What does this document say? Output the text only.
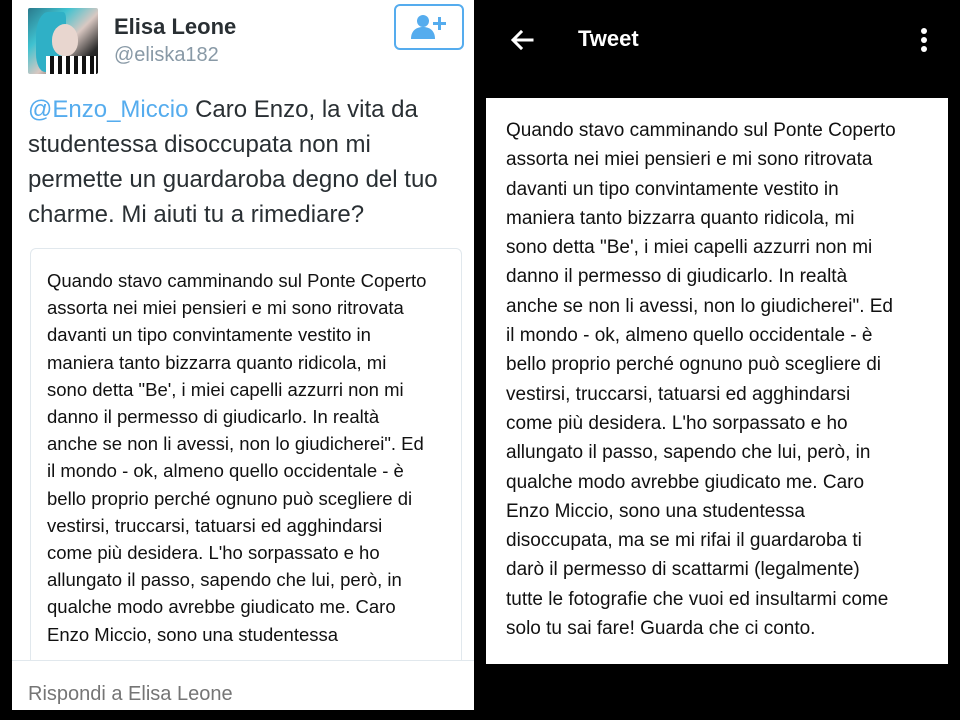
Elisa Leone
@eliska182
@Enzo_Miccio Caro Enzo, la vita da studentessa disoccupata non mi permette un guardaroba degno del tuo charme. Mi aiuti tu a rimediare?
Quando stavo camminando sul Ponte Coperto
assorta nei miei pensieri e mi sono ritrovata
davanti un tipo convintamente vestito in
maniera tanto bizzarra quanto ridicola, mi
sono detta "Be', i miei capelli azzurri non mi
danno il permesso di giudicarlo. In realtà
anche se non li avessi, non lo giudicherei". Ed
il mondo - ok, almeno quello occidentale - è
bello proprio perché ognuno può scegliere di
vestirsi, truccarsi, tatuarsi ed agghindarsi
come più desidera. L'ho sorpassato e ho
allungato il passo, sapendo che lui, però, in
qualche modo avrebbe giudicato me. Caro
Enzo Miccio, sono una studentessa
Rispondi a Elisa Leone
Tweet
Quando stavo camminando sul Ponte Coperto
assorta nei miei pensieri e mi sono ritrovata
davanti un tipo convintamente vestito in
maniera tanto bizzarra quanto ridicola, mi
sono detta "Be', i miei capelli azzurri non mi
danno il permesso di giudicarlo. In realtà
anche se non li avessi, non lo giudicherei". Ed
il mondo - ok, almeno quello occidentale - è
bello proprio perché ognuno può scegliere di
vestirsi, truccarsi, tatuarsi ed agghindarsi
come più desidera. L'ho sorpassato e ho
allungato il passo, sapendo che lui, però, in
qualche modo avrebbe giudicato me. Caro
Enzo Miccio, sono una studentessa
disoccupata, ma se mi rifai il guardaroba ti
darò il permesso di scattarmi (legalmente)
tutte le fotografie che vuoi ed insultarmi come
solo tu sai fare! Guarda che ci conto.
